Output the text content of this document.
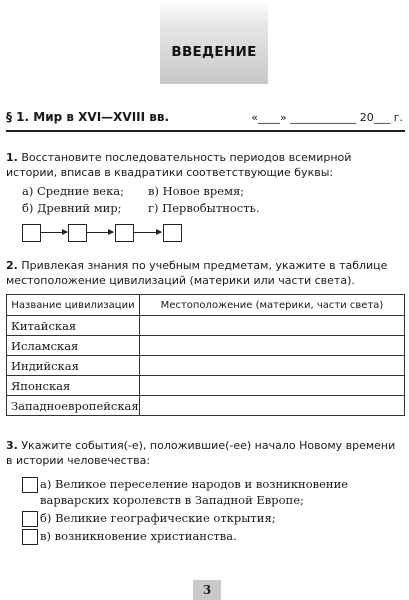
ВВЕДЕНИЕ
§ 1. Мир в XVI—XVIII вв.	«____» ____________ 20___ г.
1. Восстановите последовательность периодов всемирной истории, вписав в квадратики соответствующие буквы:
а) Средние века; в) Новое время;
б) Древний мир; г) Первобытность.
2. Привлекая знания по учебным предметам, укажите в таблице местоположение цивилизаций (материки или части света).
Название цивилизации	Местоположение (материки, части света)
Китайская	
Исламская	
Индийская	
Японская	
Западноевропейская	
3. Укажите события(-е), положившие(-ее) начало Новому времени в истории человечества:
а) Великое переселение народов и возникновение варварских королевств в Западной Европе;
б) Великие географические открытия;
в) возникновение христианства.
3
